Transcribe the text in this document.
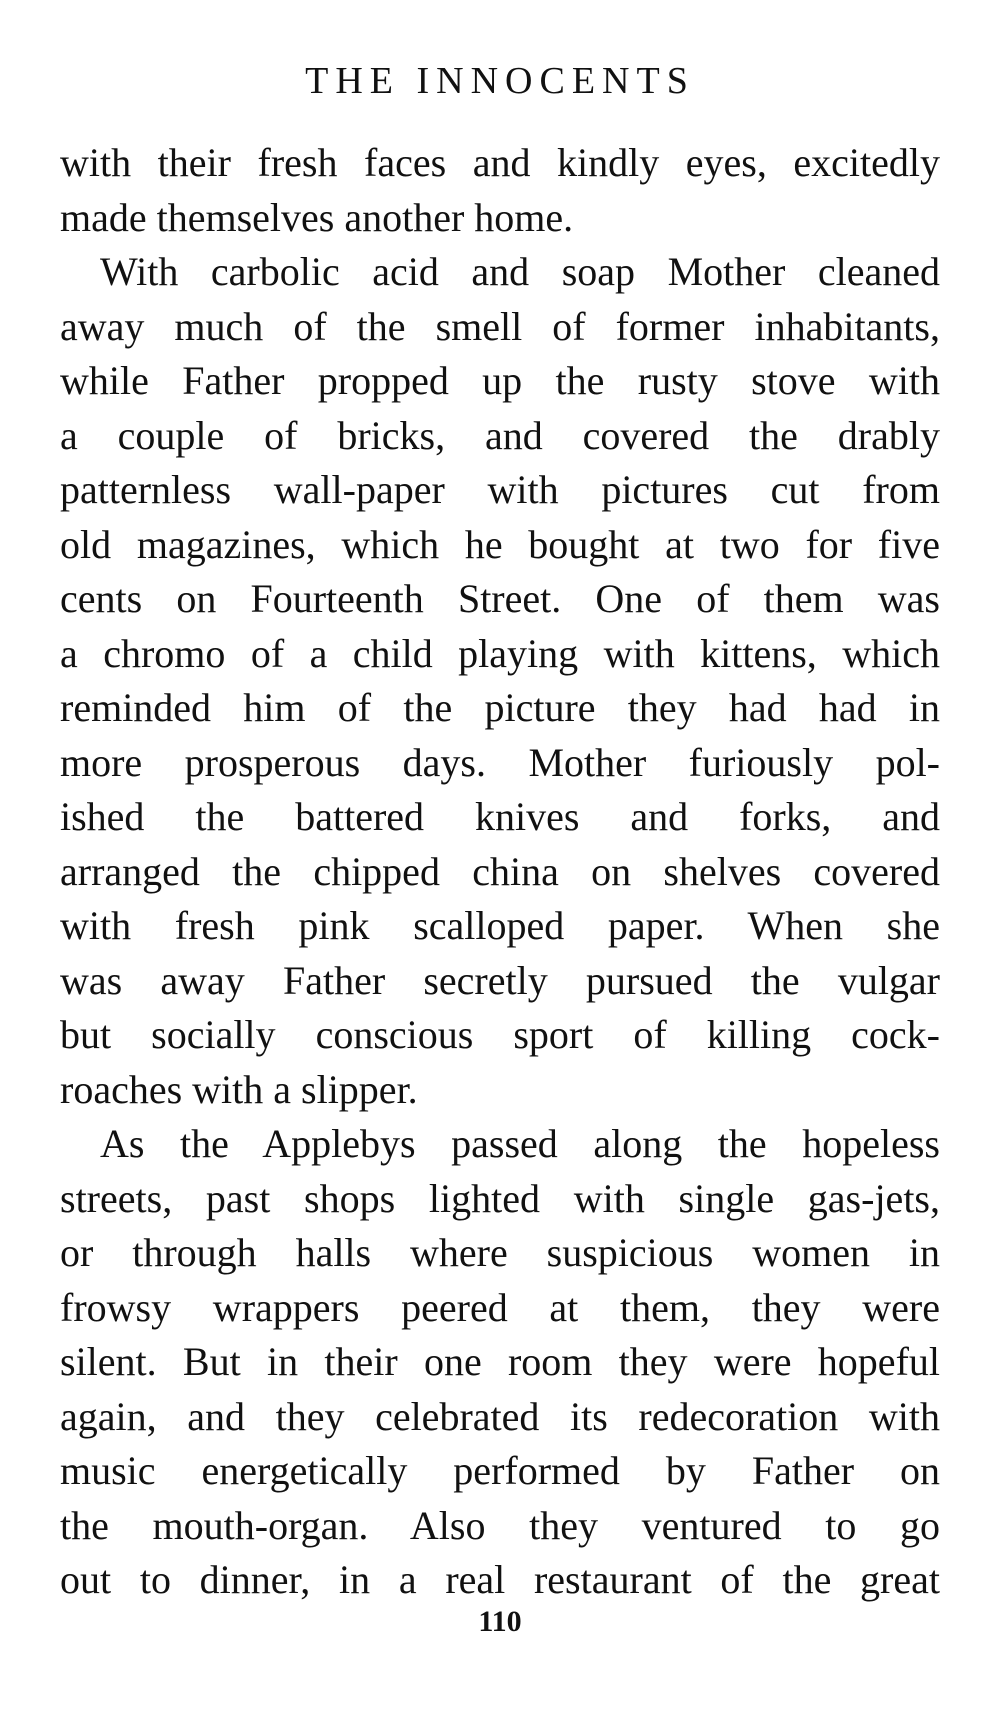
THE INNOCENTS
with their fresh faces and kindly eyes, excitedly
made themselves another home.
With carbolic acid and soap Mother cleaned
away much of the smell of former inhabitants,
while Father propped up the rusty stove with
a couple of bricks, and covered the drably
patternless wall-paper with pictures cut from
old magazines, which he bought at two for five
cents on Fourteenth Street. One of them was
a chromo of a child playing with kittens, which
reminded him of the picture they had had in
more prosperous days. Mother furiously pol-
ished the battered knives and forks, and
arranged the chipped china on shelves covered
with fresh pink scalloped paper. When she
was away Father secretly pursued the vulgar
but socially conscious sport of killing cock-
roaches with a slipper.
As the Applebys passed along the hopeless
streets, past shops lighted with single gas-jets,
or through halls where suspicious women in
frowsy wrappers peered at them, they were
silent. But in their one room they were hopeful
again, and they celebrated its redecoration with
music energetically performed by Father on
the mouth-organ. Also they ventured to go
out to dinner, in a real restaurant of the great
110
